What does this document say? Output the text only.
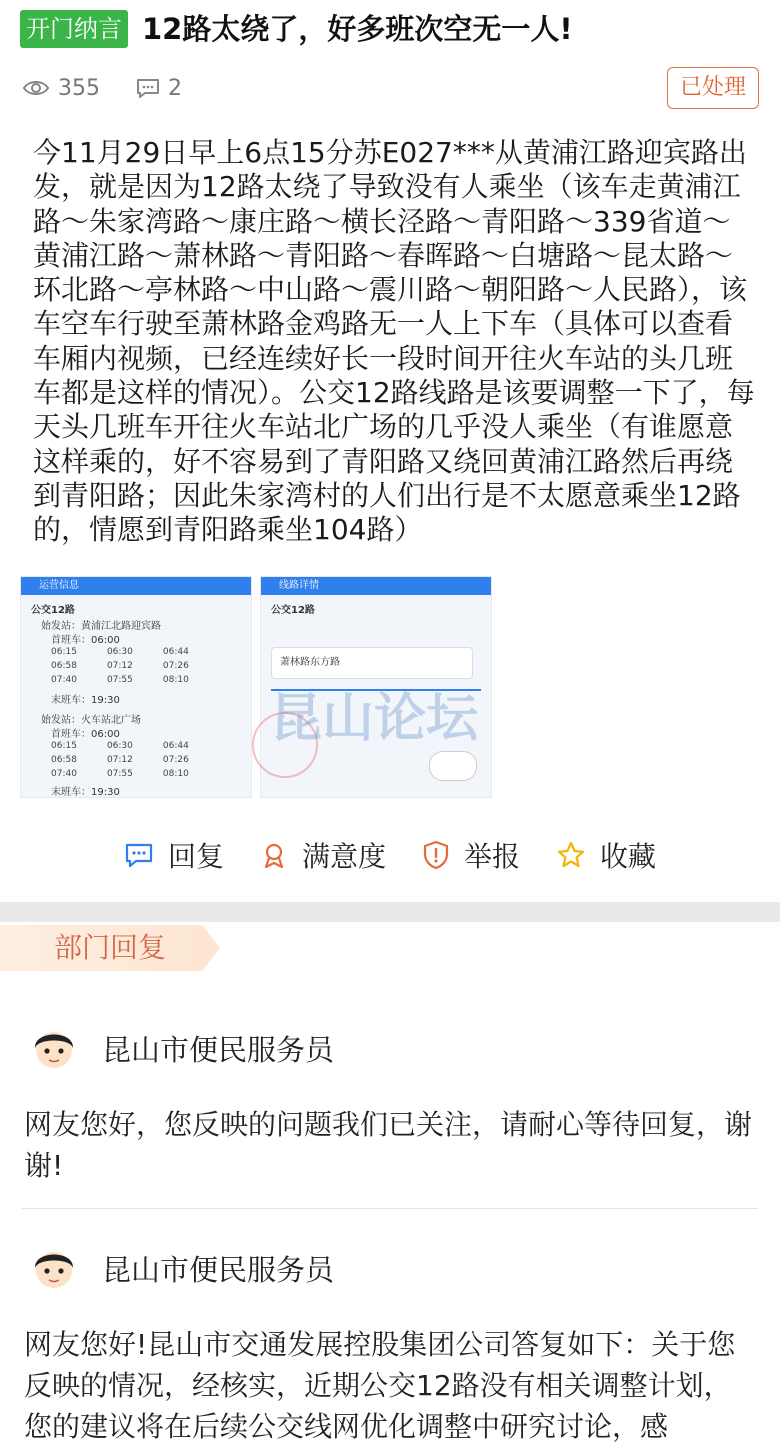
开门纳言 12路太绕了，好多班次空无一人!
355	2	已处理
今11月29日早上6点15分苏E027***从黄浦江路迎宾路出发，就是因为12路太绕了导致没有人乘坐（该车走黄浦江路～朱家湾路～康庄路～横长泾路～青阳路～339省道～黄浦江路～萧林路～青阳路～春晖路～白塘路～昆太路～环北路～亭林路～中山路～震川路～朝阳路～人民路），该车空车行驶至萧林路金鸡路无一人上下车（具体可以查看车厢内视频，已经连续好长一段时间开往火车站的头几班车都是这样的情况）。公交12路线路是该要调整一下了，每天头几班车开往火车站北广场的几乎没人乘坐（有谁愿意这样乘的，好不容易到了青阳路又绕回黄浦江路然后再绕到青阳路；因此朱家湾村的人们出行是不太愿意乘坐12路的，情愿到青阳路乘坐104路）
运营信息
公交12路
始发站：黄浦江北路迎宾路
首班车：06:00
06:15	06:30	06:44
06:58	07:12	07:26
07:40	07:55	08:10
末班车：19:30
始发站：火车站北广场
首班车：06:00
06:15	06:30	06:44
06:58	07:12	07:26
07:40	07:55	08:10
末班车：19:30
线路详情
公交12路
萧林路东方路
昆山论坛
回复	满意度	举报	收藏
部门回复
昆山市便民服务员
网友您好，您反映的问题我们已关注，请耐心等待回复，谢谢!
昆山市便民服务员
网友您好!昆山市交通发展控股集团公司答复如下：关于您反映的情况，经核实，近期公交12路没有相关调整计划，您的建议将在后续公交线网优化调整中研究讨论，感
